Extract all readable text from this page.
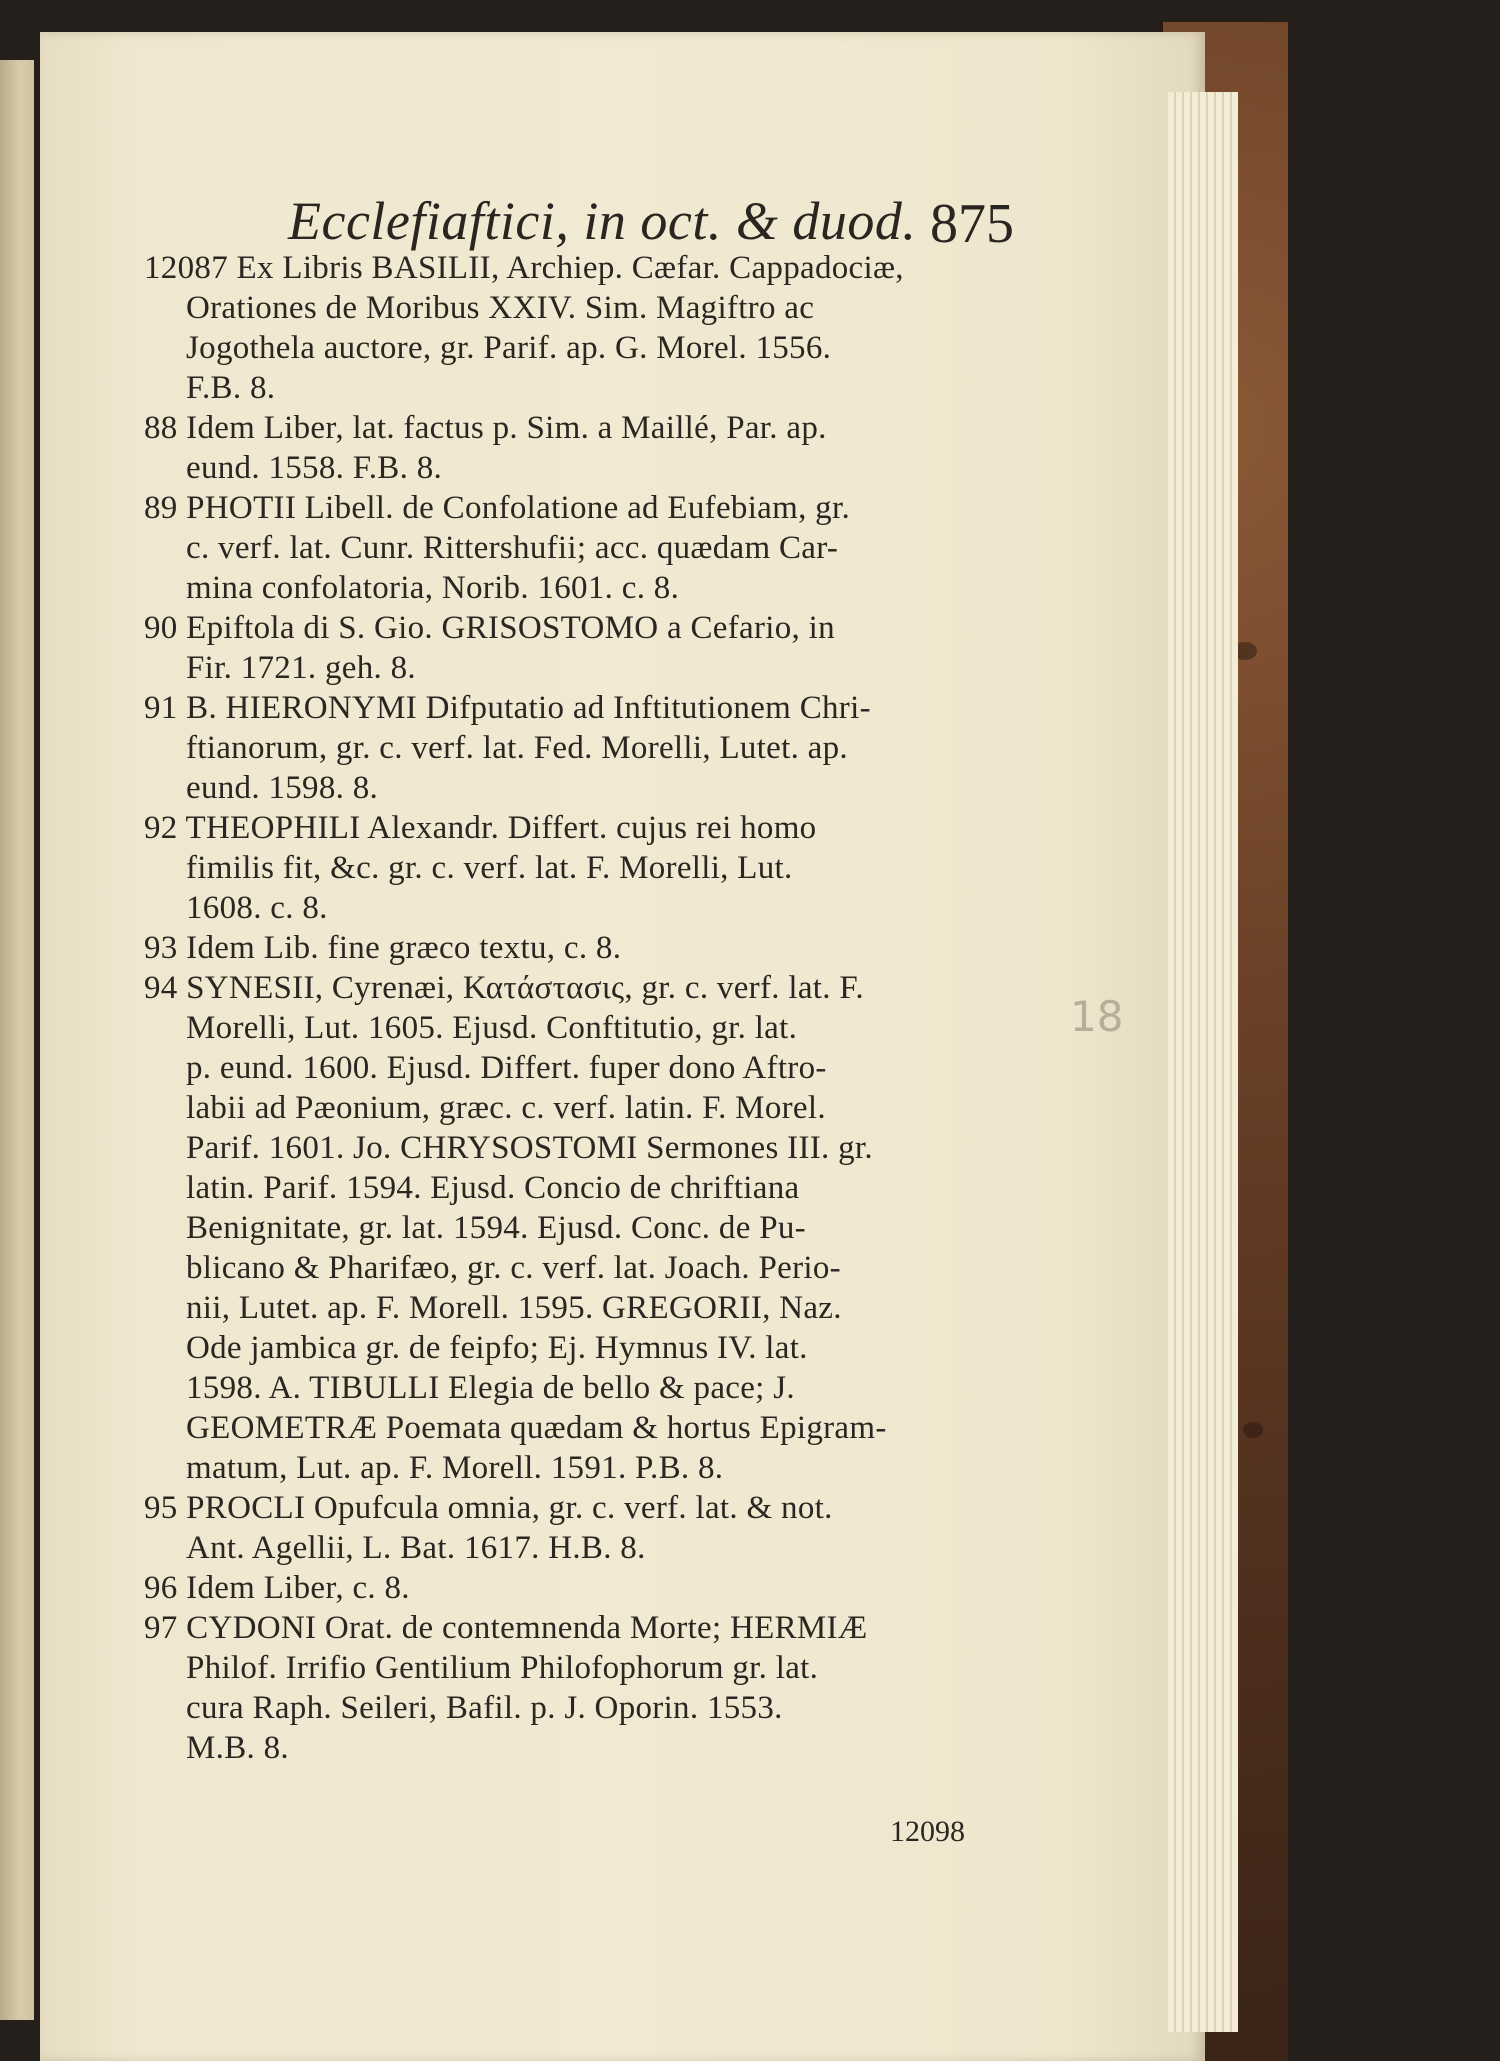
Ecclefiaftici, in oct. & duod. 875
12087 Ex Libris BASILII, Archiep. Cæfar. Cappadociæ,
Orationes de Moribus XXIV. Sim. Magiftro ac
Jogothela auctore, gr. Parif. ap. G. Morel. 1556.
F.B. 8.
88 Idem Liber, lat. factus p. Sim. a Maillé, Par. ap.
eund. 1558. F.B. 8.
89 PHOTII Libell. de Confolatione ad Eufebiam, gr.
c. verf. lat. Cunr. Rittershufii; acc. quædam Car-
mina confolatoria, Norib. 1601. c. 8.
90 Epiftola di S. Gio. GRISOSTOMO a Cefario, in
Fir. 1721. geh. 8.
91 B. HIERONYMI Difputatio ad Inftitutionem Chri-
ftianorum, gr. c. verf. lat. Fed. Morelli, Lutet. ap.
eund. 1598. 8.
92 THEOPHILI Alexandr. Differt. cujus rei homo
fimilis fit, &c. gr. c. verf. lat. F. Morelli, Lut.
1608. c. 8.
93 Idem Lib. fine græco textu, c. 8.
94 SYNESII, Cyrenæi, Κατάστασις, gr. c. verf. lat. F.
Morelli, Lut. 1605. Ejusd. Conftitutio, gr. lat.
p. eund. 1600. Ejusd. Differt. fuper dono Aftro-
labii ad Pæonium, græc. c. verf. latin. F. Morel.
Parif. 1601. Jo. CHRYSOSTOMI Sermones III. gr.
latin. Parif. 1594. Ejusd. Concio de chriftiana
Benignitate, gr. lat. 1594. Ejusd. Conc. de Pu-
blicano & Pharifæo, gr. c. verf. lat. Joach. Perio-
nii, Lutet. ap. F. Morell. 1595. GREGORII, Naz.
Ode jambica gr. de feipfo; Ej. Hymnus IV. lat.
1598. A. TIBULLI Elegia de bello & pace; J.
GEOMETRÆ Poemata quædam & hortus Epigram-
matum, Lut. ap. F. Morell. 1591. P.B. 8.
95 PROCLI Opufcula omnia, gr. c. verf. lat. & not.
Ant. Agellii, L. Bat. 1617. H.B. 8.
96 Idem Liber, c. 8.
97 CYDONI Orat. de contemnenda Morte; HERMIÆ
Philof. Irrifio Gentilium Philofophorum gr. lat.
cura Raph. Seileri, Bafil. p. J. Oporin. 1553.
M.B. 8.
12098
18
